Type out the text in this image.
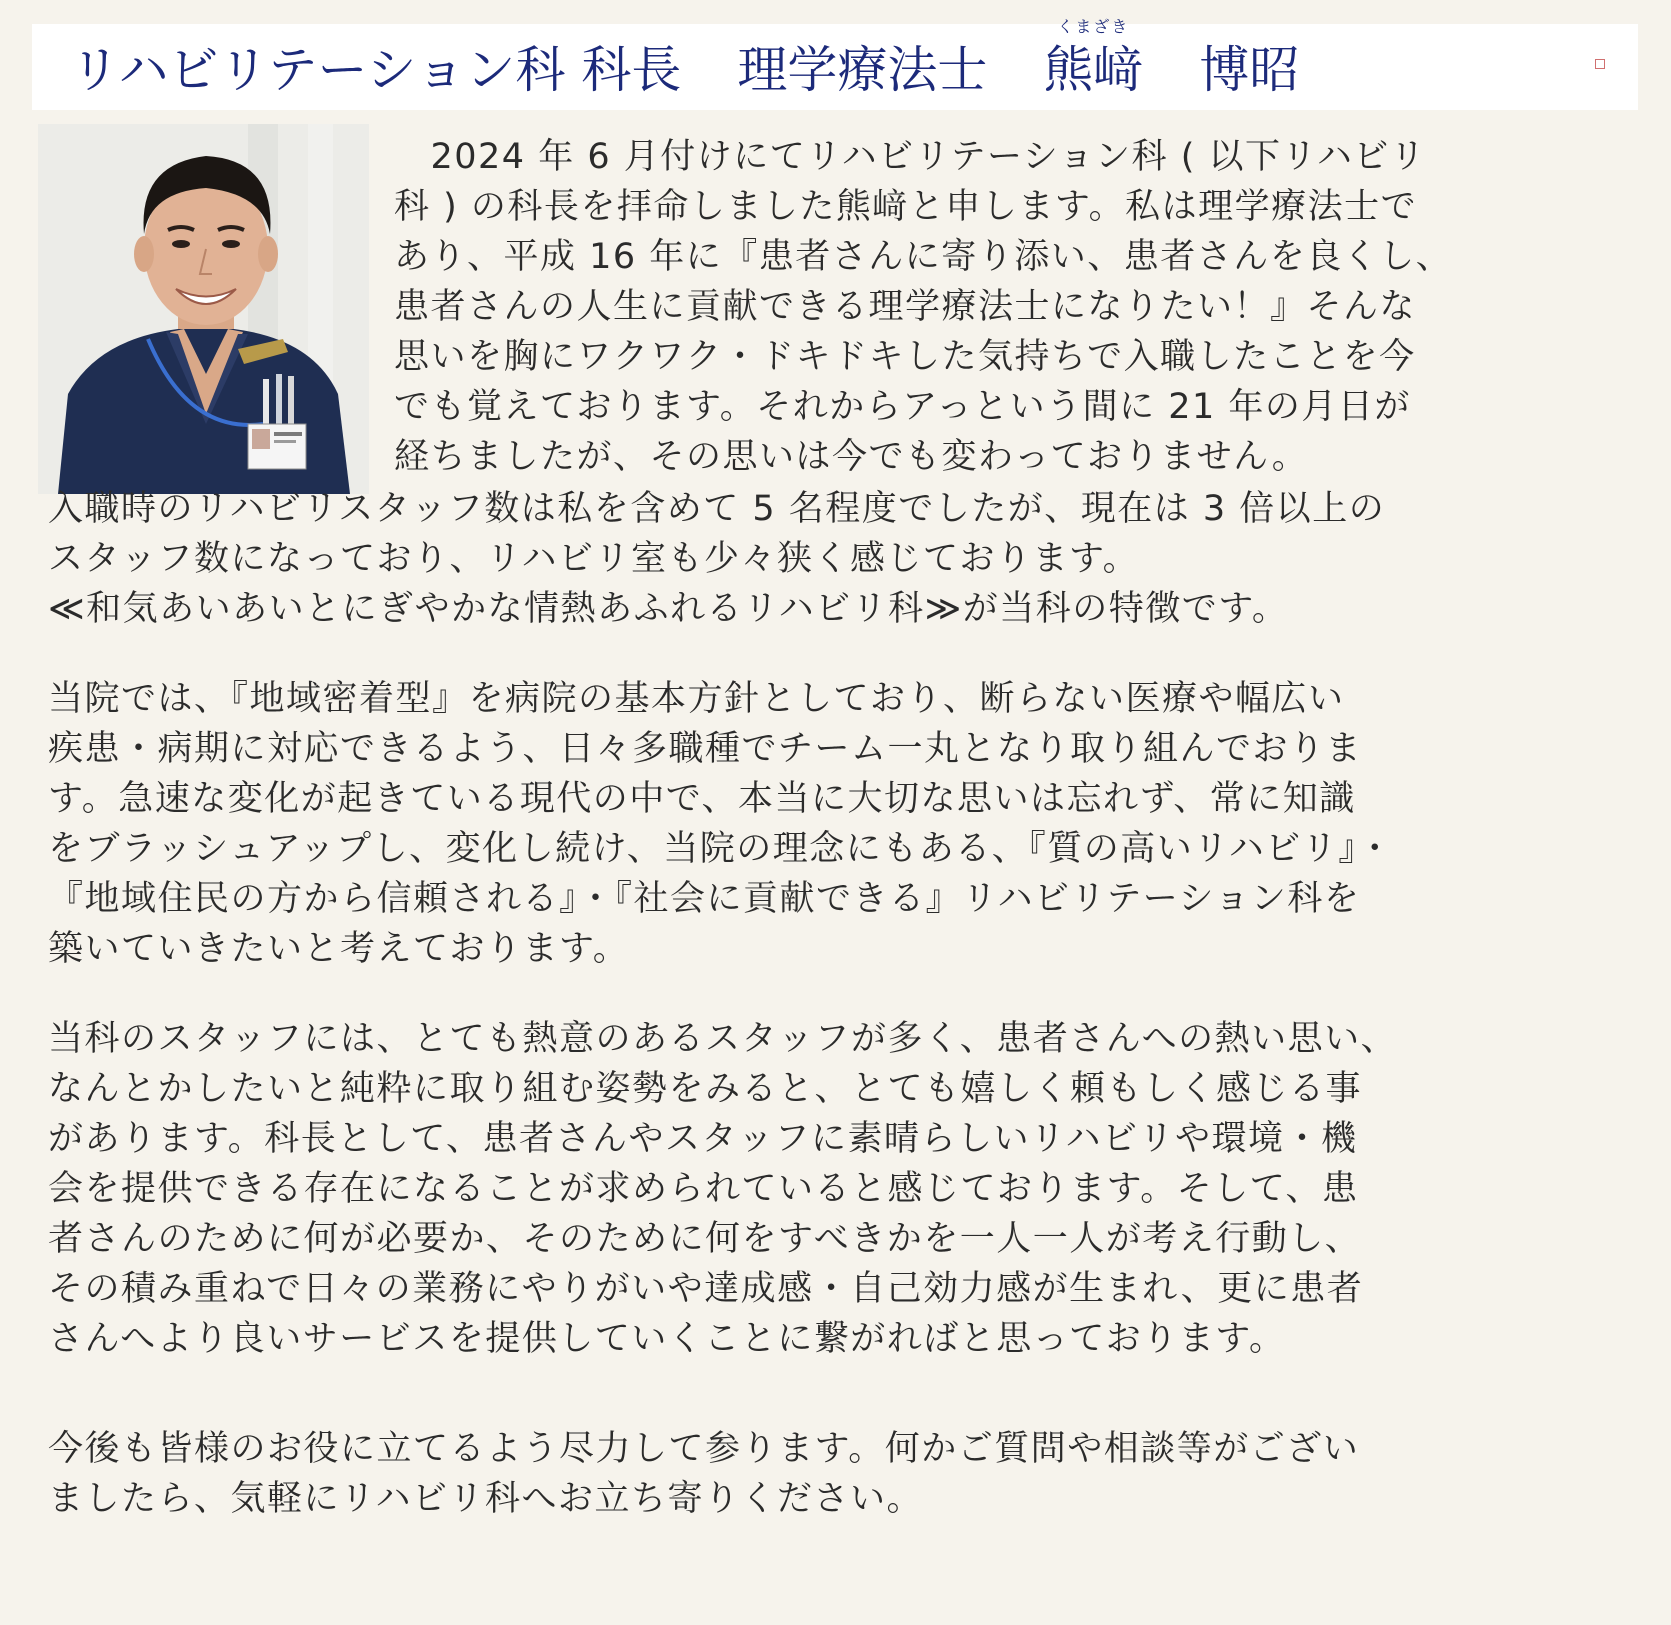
リハビリテーション科 科長 理学療法士
くまざき
熊﨑 博昭
　2024 年 6 月付けにてリハビリテーション科 ( 以下リハビリ
科 ) の科長を拝命しました熊﨑と申します。私は理学療法士で
あり、平成 16 年に『患者さんに寄り添い、患者さんを良くし、
患者さんの人生に貢献できる理学療法士になりたい！』そんな
思いを胸にワクワク・ドキドキした気持ちで入職したことを今
でも覚えております。それからアっという間に 21 年の月日が
経ちましたが、その思いは今でも変わっておりません。
入職時のリハビリスタッフ数は私を含めて 5 名程度でしたが、現在は 3 倍以上の
スタッフ数になっており、リハビリ室も少々狭く感じております。
≪和気あいあいとにぎやかな情熱あふれるリハビリ科≫が当科の特徴です。
当院では、『地域密着型』を病院の基本方針としており、断らない医療や幅広い
疾患・病期に対応できるよう、日々多職種でチーム一丸となり取り組んでおりま
す。急速な変化が起きている現代の中で、本当に大切な思いは忘れず、常に知識
をブラッシュアップし、変化し続け、当院の理念にもある、『質の高いリハビリ』・
『地域住民の方から信頼される』・『社会に貢献できる』リハビリテーション科を
築いていきたいと考えております。
当科のスタッフには、とても熱意のあるスタッフが多く、患者さんへの熱い思い、
なんとかしたいと純粋に取り組む姿勢をみると、とても嬉しく頼もしく感じる事
があります。科長として、患者さんやスタッフに素晴らしいリハビリや環境・機
会を提供できる存在になることが求められていると感じております。そして、患
者さんのために何が必要か、そのために何をすべきかを一人一人が考え行動し、
その積み重ねで日々の業務にやりがいや達成感・自己効力感が生まれ、更に患者
さんへより良いサービスを提供していくことに繋がればと思っております。
今後も皆様のお役に立てるよう尽力して参ります。何かご質問や相談等がござい
ましたら、気軽にリハビリ科へお立ち寄りください。
